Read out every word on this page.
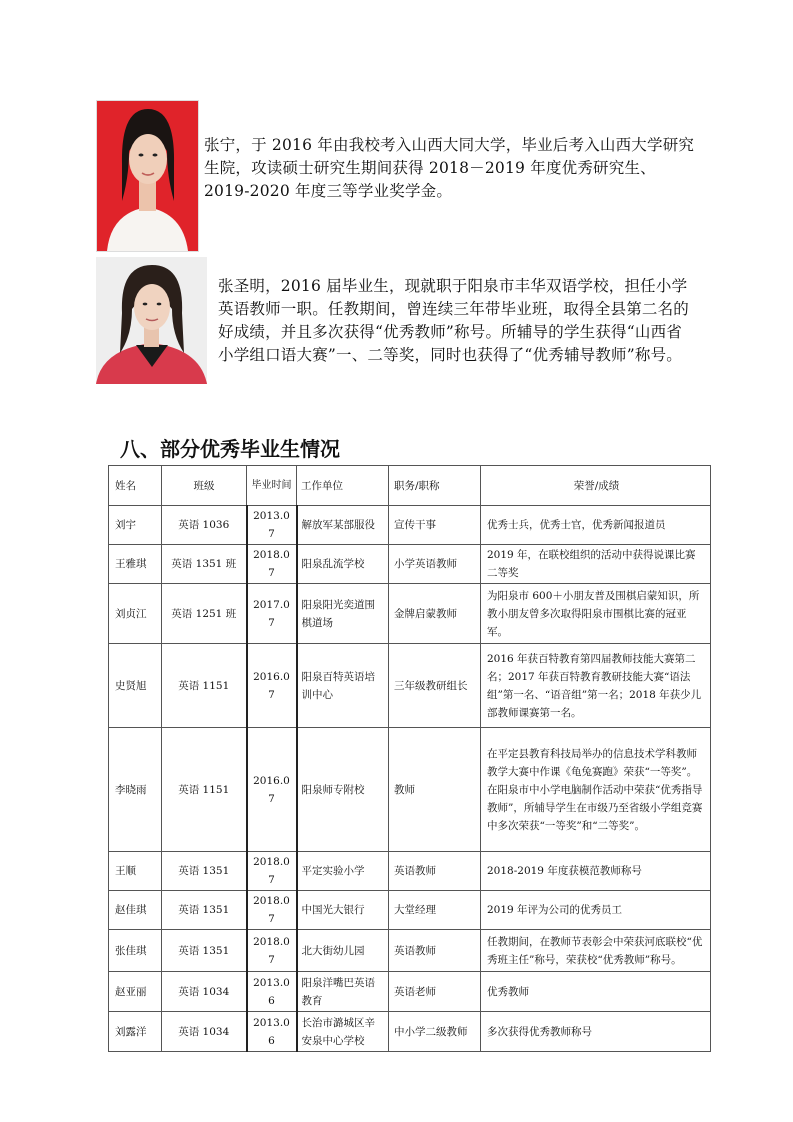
张宁，于 2016 年由我校考入山西大同大学，毕业后考入山西大学研究生院，攻读硕士研究生期间获得 2018－2019 年度优秀研究生、2019-2020 年度三等学业奖学金。
张圣明，2016 届毕业生，现就职于阳泉市丰华双语学校，担任小学英语教师一职。任教期间，曾连续三年带毕业班，取得全县第二名的好成绩，并且多次获得“优秀教师”称号。所辅导的学生获得“山西省小学组口语大赛”一、二等奖，同时也获得了“优秀辅导教师”称号。
八、部分优秀毕业生情况
姓名	班级	毕业时间	工作单位	职务/职称	荣誉/成绩
刘宇	英语 1036	2013.07	解放军某部服役	宣传干事	优秀士兵，优秀士官，优秀新闻报道员
王雅琪	英语 1351 班	2018.07	阳泉乱流学校	小学英语教师	2019 年，在联校组织的活动中获得说课比赛二等奖
刘贞江	英语 1251 班	2017.07	阳泉阳光奕道围棋道场	金牌启蒙教师	为阳泉市 600＋小朋友普及围棋启蒙知识，所教小朋友曾多次取得阳泉市围棋比赛的冠亚军。
史贤旭	英语 1151	2016.07	阳泉百特英语培训中心	三年级教研组长	2016 年获百特教育第四届教师技能大赛第二名；2017 年获百特教育教研技能大赛“语法组”第一名、“语音组”第一名；2018 年获少儿部教师课赛第一名。
李晓雨	英语 1151	2016.07	阳泉师专附校	教师	在平定县教育科技局举办的信息技术学科教师教学大赛中作课《龟兔赛跑》荣获“一等奖”。在阳泉市中小学电脑制作活动中荣获“优秀指导教师”，所辅导学生在市级乃至省级小学组竞赛中多次荣获“一等奖”和“二等奖”。
王顺	英语 1351	2018.07	平定实验小学	英语教师	2018-2019 年度获模范教师称号
赵佳琪	英语 1351	2018.07	中国光大银行	大堂经理	2019 年评为公司的优秀员工
张佳琪	英语 1351	2018.07	北大街幼儿园	英语教师	任教期间，在教师节表彰会中荣获河底联校“优秀班主任”称号，荣获校“优秀教师”称号。
赵亚丽	英语 1034	2013.06	阳泉洋嘴巴英语教育	英语老师	优秀教师
刘露洋	英语 1034	2013.06	长治市潞城区辛安泉中心学校	中小学二级教师	多次获得优秀教师称号
